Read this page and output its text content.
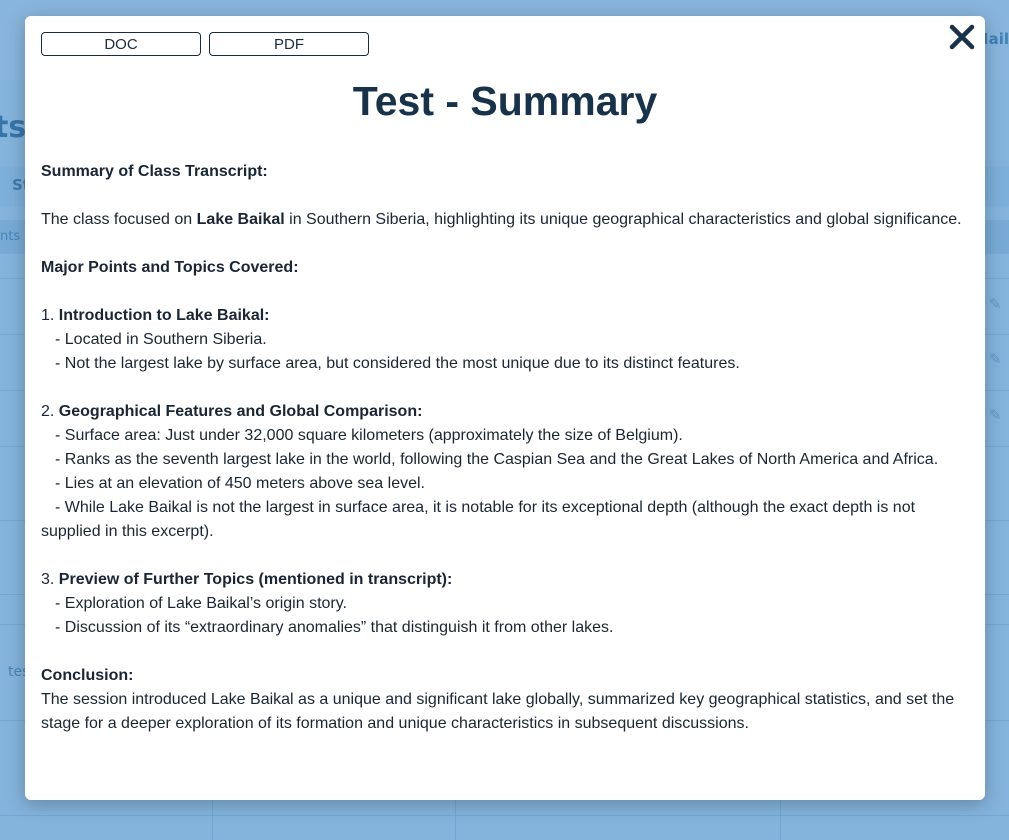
DOC	PDF
Test - Summary

Summary of Class Transcript:

The class focused on Lake Baikal in Southern Siberia, highlighting its unique geographical characteristics and global significance.

Major Points and Topics Covered:

1. Introduction to Lake Baikal:

- Located in Southern Siberia.

- Not the largest lake by surface area, but considered the most unique due to its distinct features.

2. Geographical Features and Global Comparison:

- Surface area: Just under 32,000 square kilometers (approximately the size of Belgium).

- Ranks as the seventh largest lake in the world, following the Caspian Sea and the Great Lakes of North America and Africa.

- Lies at an elevation of 450 meters above sea level.

- While Lake Baikal is not the largest in surface area, it is notable for its exceptional depth (although the exact depth is not supplied in this excerpt).

3. Preview of Further Topics (mentioned in transcript):

- Exploration of Lake Baikal’s origin story.

- Discussion of its “extraordinary anomalies” that distinguish it from other lakes.

Conclusion:

The session introduced Lake Baikal as a unique and significant lake globally, summarized key geographical statistics, and set the stage for a deeper exploration of its formation and unique characteristics in subsequent discussions.
